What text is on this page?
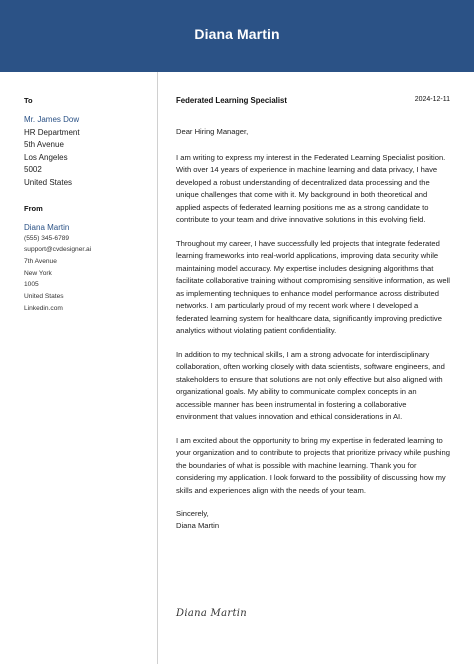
Diana Martin
To
Mr. James Dow
HR Department
5th Avenue
Los Angeles
5002
United States
From
Diana Martin
(555) 345-6789
support@cvdesigner.ai
7th Avenue
New York
1005
United States
Linkedin.com
Federated Learning Specialist	2024-12-11

Dear Hiring Manager,

I am writing to express my interest in the Federated Learning Specialist position. With over 14 years of experience in machine learning and data privacy, I have developed a robust understanding of decentralized data processing and the unique challenges that come with it. My background in both theoretical and applied aspects of federated learning positions me as a strong candidate to contribute to your team and drive innovative solutions in this evolving field.

Throughout my career, I have successfully led projects that integrate federated learning frameworks into real-world applications, improving data security while maintaining model accuracy. My expertise includes designing algorithms that facilitate collaborative training without compromising sensitive information, as well as implementing techniques to enhance model performance across distributed networks. I am particularly proud of my recent work where I developed a federated learning system for healthcare data, significantly improving predictive analytics without violating patient confidentiality.

In addition to my technical skills, I am a strong advocate for interdisciplinary collaboration, often working closely with data scientists, software engineers, and stakeholders to ensure that solutions are not only effective but also aligned with organizational goals. My ability to communicate complex concepts in an accessible manner has been instrumental in fostering a collaborative environment that values innovation and ethical considerations in AI.

I am excited about the opportunity to bring my expertise in federated learning to your organization and to contribute to projects that prioritize privacy while pushing the boundaries of what is possible with machine learning. Thank you for considering my application. I look forward to the possibility of discussing how my skills and experiences align with the needs of your team.

Sincerely,
Diana Martin
Diana Martin
